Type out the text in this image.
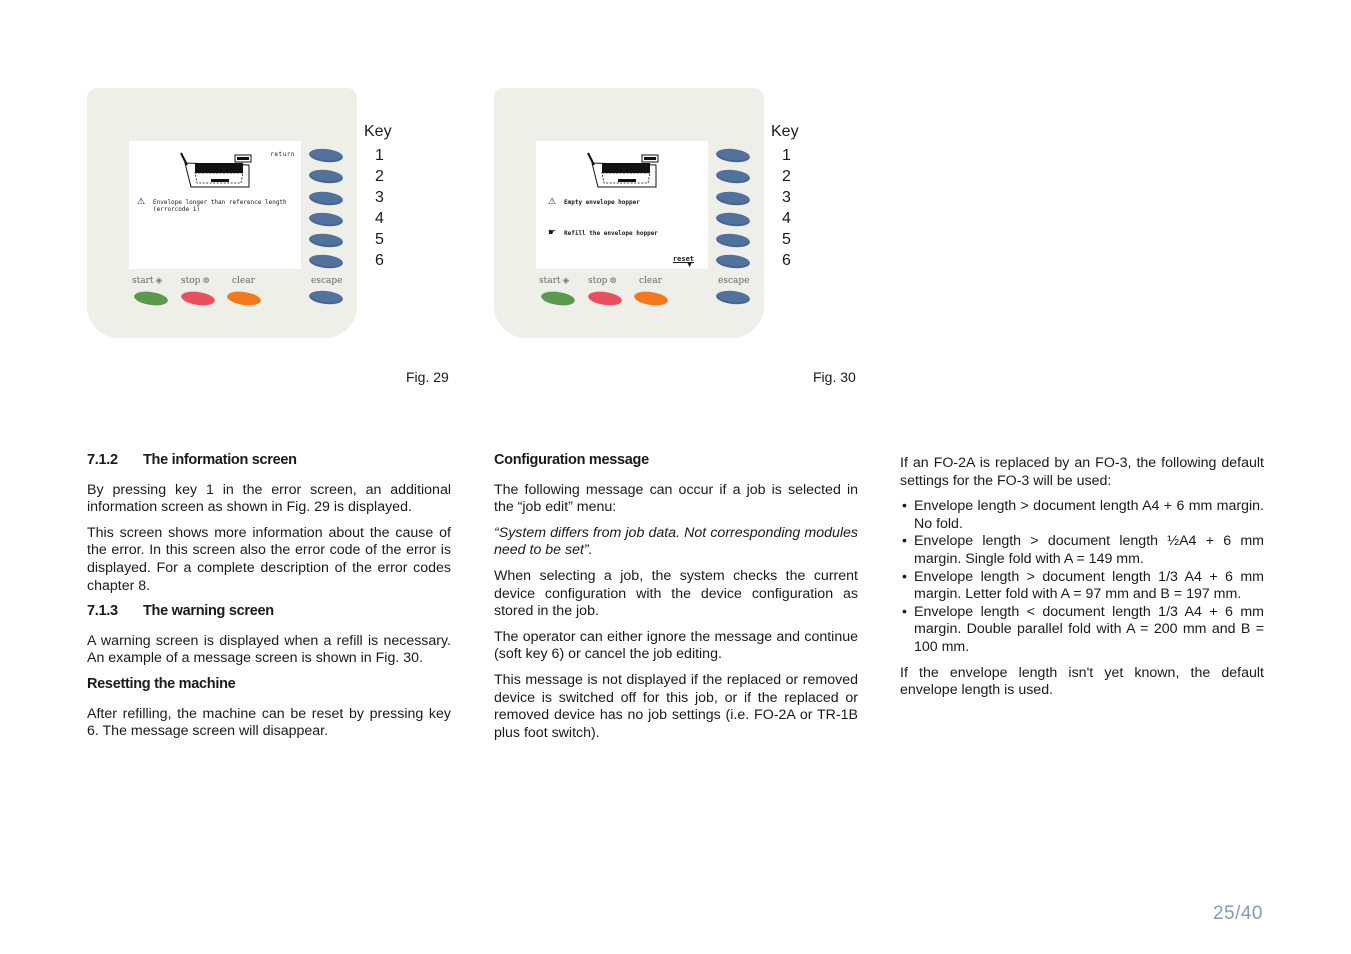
return
⚠ Envelope longer than reference length
(errorcode 1)
start ◈ stop ⊗ clear	escape
Key
1
2
3
4
5
6
Fig. 29
⚠ Empty envelope hopper
☛ Refill the envelope hopper
reset
▼
start ◈ stop ⊗ clear	escape
Key
1
2
3
4
5
6
Fig. 30
7.1.2 The information screen

By pressing key 1 in the error screen, an additional information screen as shown in Fig. 29 is displayed.

This screen shows more information about the cause of the error. In this screen also the error code of the error is displayed. For a complete description of the error codes chapter 8.

7.1.3 The warning screen

A warning screen is displayed when a refill is necessary. An example of a message screen is shown in Fig. 30.

Resetting the machine

After refilling, the machine can be reset by pressing key 6. The message screen will disappear.

Configuration message

The following message can occur if a job is selected in the “job edit” menu:

“System differs from job data. Not corresponding modules need to be set”.

When selecting a job, the system checks the current device configuration with the device configuration as stored in the job.

The operator can either ignore the message and continue (soft key 6) or cancel the job editing.

This message is not displayed if the replaced or removed device is switched off for this job, or if the replaced or removed device has no job settings (i.e. FO-2A or TR-1B plus foot switch).

If an FO-2A is replaced by an FO-3, the following default settings for the FO-3 will be used:

• Envelope length > document length A4 + 6 mm margin. No fold.
• Envelope length > document length ½A4 + 6 mm margin. Single fold with A = 149 mm.
• Envelope length > document length 1/3 A4 + 6 mm margin. Letter fold with A = 97 mm and B = 197 mm.
• Envelope length < document length 1/3 A4 + 6 mm margin. Double parallel fold with A = 200 mm and B = 100 mm.

If the envelope length isn't yet known, the default envelope length is used.

25/40
